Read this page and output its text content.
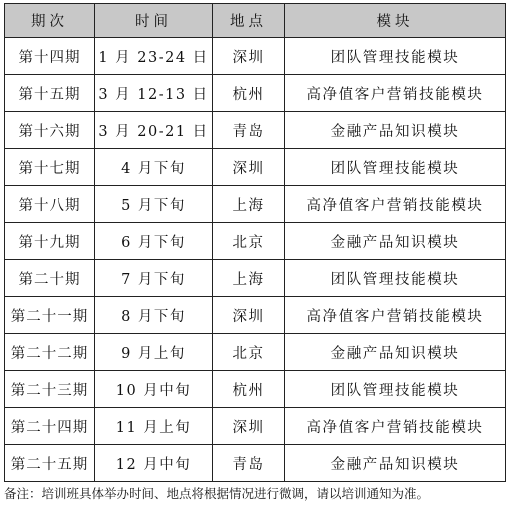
期次	时间	地点	模块
第十四期	1 月 23-24 日	深圳	团队管理技能模块
第十五期	3 月 12-13 日	杭州	高净值客户营销技能模块
第十六期	3 月 20-21 日	青岛	金融产品知识模块
第十七期	4 月下旬	深圳	团队管理技能模块
第十八期	5 月下旬	上海	高净值客户营销技能模块
第十九期	6 月下旬	北京	金融产品知识模块
第二十期	7 月下旬	上海	团队管理技能模块
第二十一期	8 月下旬	深圳	高净值客户营销技能模块
第二十二期	9 月上旬	北京	金融产品知识模块
第二十三期	10 月中旬	杭州	团队管理技能模块
第二十四期	11 月上旬	深圳	高净值客户营销技能模块
第二十五期	12 月中旬	青岛	金融产品知识模块
备注：培训班具体举办时间、地点将根据情况进行微调，请以培训通知为准。
